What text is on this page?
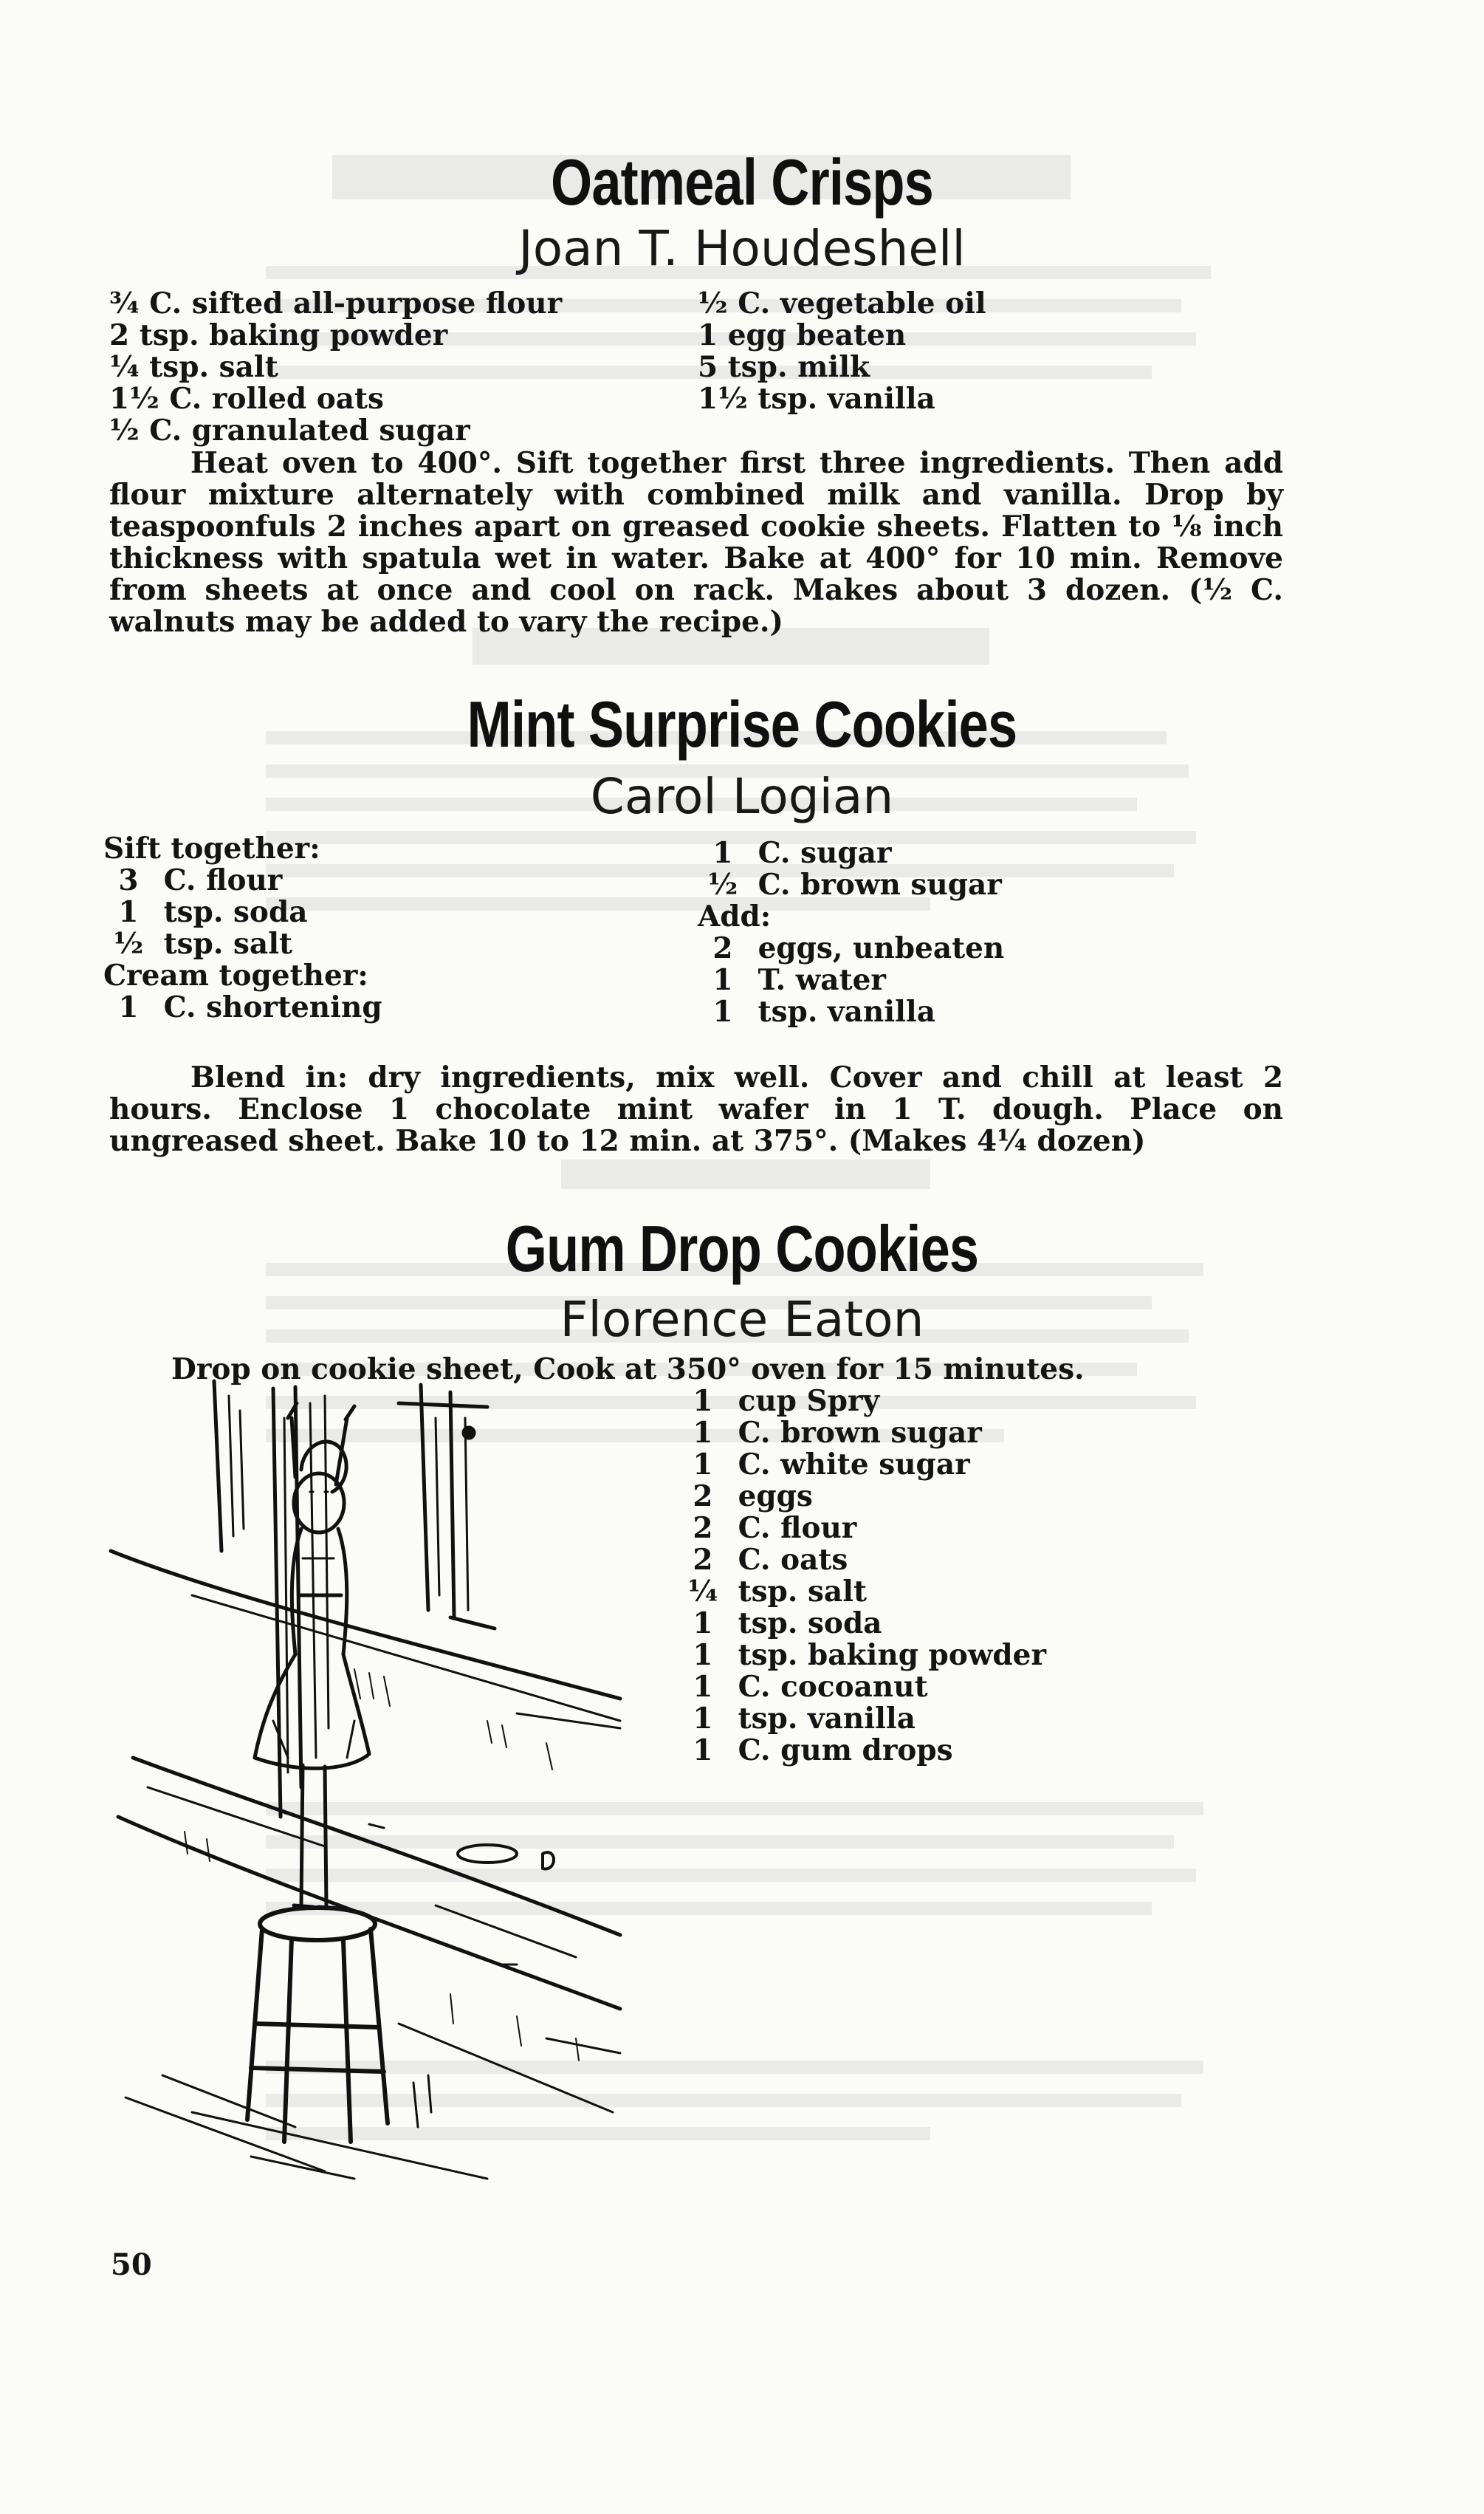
Oatmeal Crisps
Joan T. Houdeshell
¾ C. sifted all-purpose flour
2 tsp. baking powder
¼ tsp. salt
1½ C. rolled oats
½ C. granulated sugar
½ C. vegetable oil
1 egg beaten
5 tsp. milk
1½ tsp. vanilla

Heat oven to 400°. Sift together first three ingredients. Then add flour mixture alternately with combined milk and vanilla. Drop by teaspoonfuls 2 inches apart on greased cookie sheets. Flatten to ⅛ inch thickness with spatula wet in water. Bake at 400° for 10 min. Remove from sheets at once and cool on rack. Makes about 3 dozen. (½ C. walnuts may be added to vary the recipe.)

Mint Surprise Cookies
Carol Logian
Sift together:
3 C. flour
1 tsp. soda
½ tsp. salt
Cream together:
1 C. shortening
1 C. sugar
½ C. brown sugar
Add:
2 eggs, unbeaten
1 T. water
1 tsp. vanilla

Blend in: dry ingredients, mix well. Cover and chill at least 2 hours. Enclose 1 chocolate mint wafer in 1 T. dough. Place on ungreased sheet. Bake 10 to 12 min. at 375°. (Makes 4¼ dozen)

Gum Drop Cookies
Florence Eaton
Drop on cookie sheet, Cook at 350° oven for 15 minutes.
1 cup Spry
1 C. brown sugar
1 C. white sugar
2 eggs
2 C. flour
2 C. oats
¼ tsp. salt
1 tsp. soda
1 tsp. baking powder
1 C. cocoanut
1 tsp. vanilla
1 C. gum drops
50
